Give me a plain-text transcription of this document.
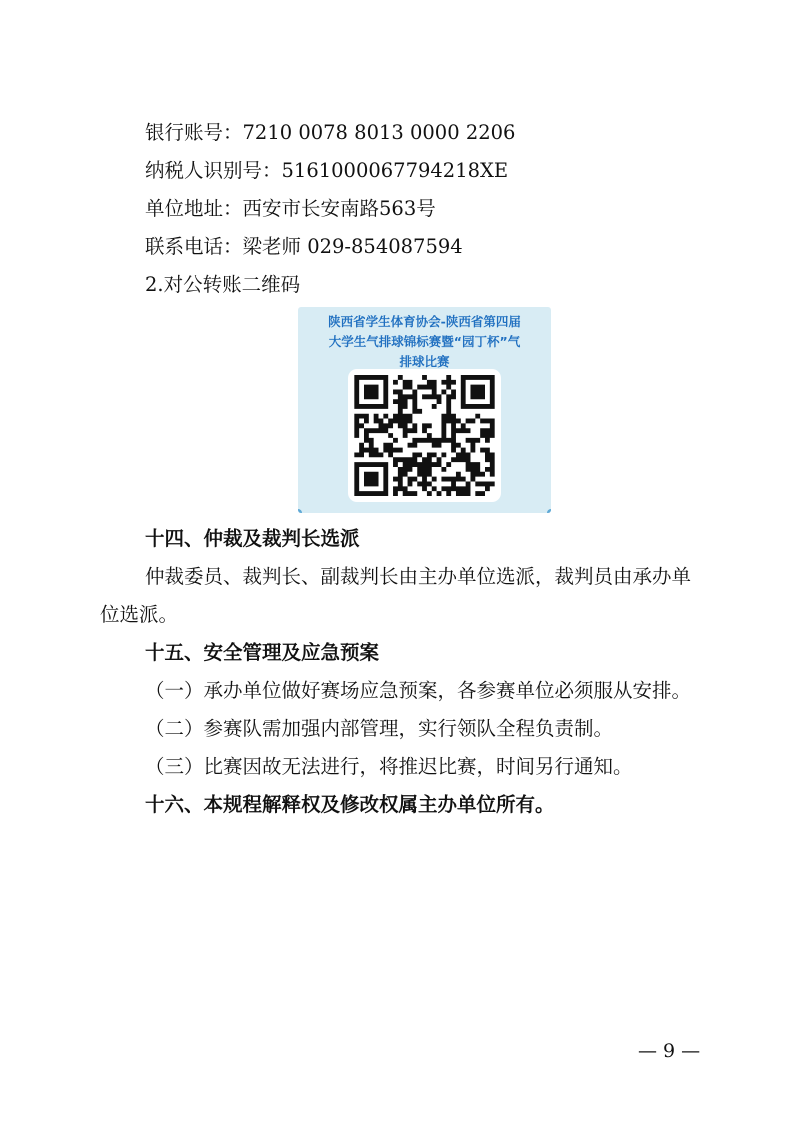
银行账号：7210 0078 8013 0000 2206
纳税人识别号：5161000067794218XE
单位地址：西安市长安南路563号
联系电话：梁老师 029-854087594
2.对公转账二维码
陕西省学生体育协会-陕西省第四届
大学生气排球锦标赛暨“园丁杯”气
排球比赛
十四、仲裁及裁判长选派
仲裁委员、裁判长、副裁判长由主办单位选派，裁判员由承办单位选派。
十五、安全管理及应急预案
（一）承办单位做好赛场应急预案，各参赛单位必须服从安排。
（二）参赛队需加强内部管理，实行领队全程负责制。
（三）比赛因故无法进行，将推迟比赛，时间另行通知。
十六、本规程解释权及修改权属主办单位所有。
— 9 —
